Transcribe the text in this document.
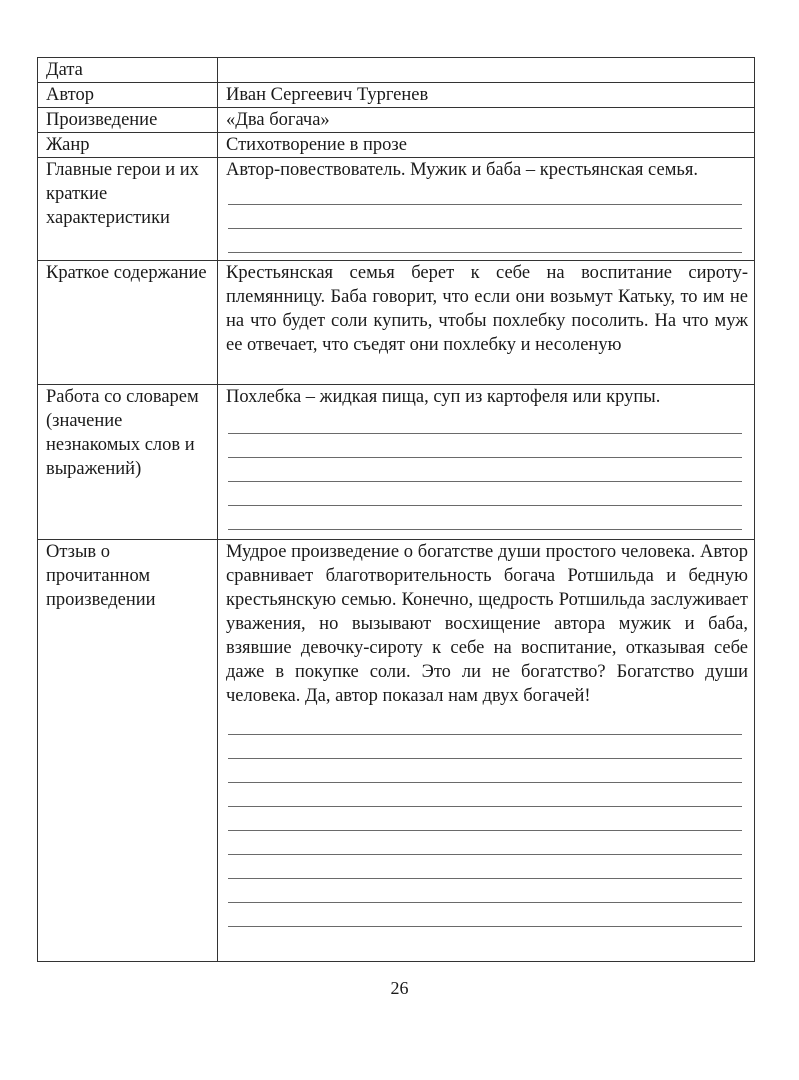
Дата	
Автор	Иван Сергеевич Тургенев
Произведение	«Два богача»
Жанр	Стихотворение в прозе
Главные герои и их краткие характеристики	Автор-повествователь. Мужик и баба – крестьянская семья.

Краткое содержание	Крестьянская семья берет к себе на воспитание сироту-племянницу. Баба говорит, что если они возьмут Катьку, то им не на что будет соли купить, чтобы похлебку посолить. На что муж ее отвечает, что съедят они похлебку и несоленую

Работа со словарем (значение незнакомых слов и выражений)	Похлебка – жидкая пища, суп из картофеля или крупы.

Отзыв о прочитанном произведении	Мудрое произведение о богатстве души простого человека. Автор сравнивает благотворительность богача Ротшильда и бедную крестьянскую семью. Конечно, щедрость Ротшильда заслуживает уважения, но вызывают восхищение автора мужик и баба, взявшие девочку-сироту к себе на воспитание, отказывая себе даже в покупке соли. Это ли не богатство? Богатство души человека. Да, автор показал нам двух богачей!
26
